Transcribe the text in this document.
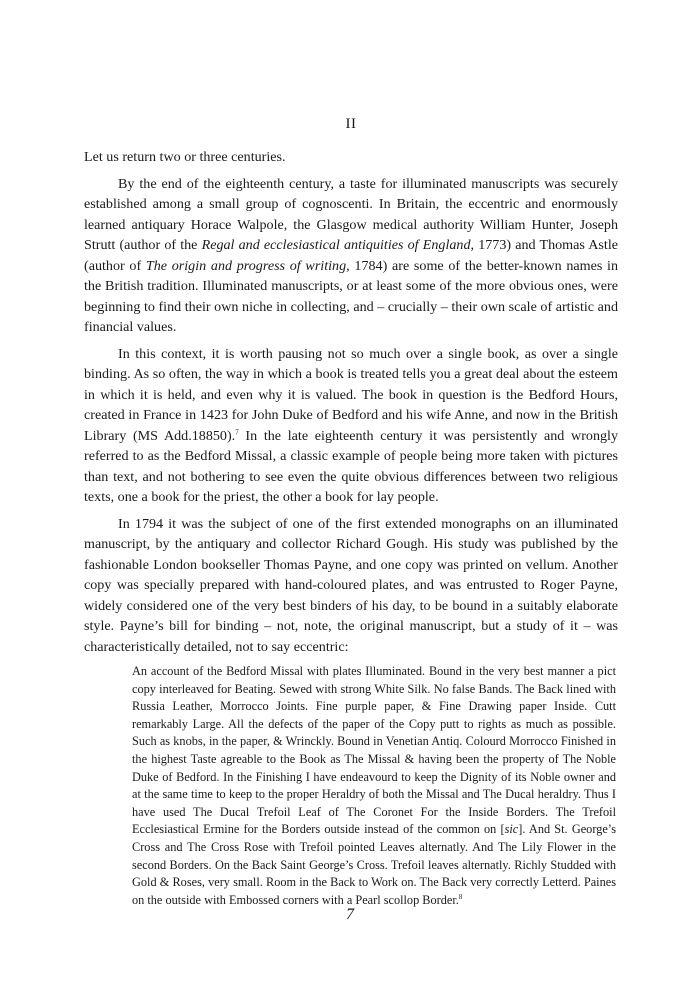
II

Let us return two or three centuries.

By the end of the eighteenth century, a taste for illuminated manuscripts was securely established among a small group of cognoscenti. In Britain, the eccentric and enormously learned antiquary Horace Walpole, the Glasgow medical authority William Hunter, Joseph Strutt (author of the Regal and ecclesiastical antiquities of England, 1773) and Thomas Astle (author of The origin and progress of writing, 1784) are some of the better-known names in the British tradition. Illuminated manuscripts, or at least some of the more obvious ones, were beginning to find their own niche in collecting, and – crucially – their own scale of artistic and financial values.

In this context, it is worth pausing not so much over a single book, as over a single binding. As so often, the way in which a book is treated tells you a great deal about the esteem in which it is held, and even why it is valued. The book in question is the Bedford Hours, created in France in 1423 for John Duke of Bedford and his wife Anne, and now in the British Library (MS Add.18850).$^7$ In the late eighteenth century it was persistently and wrongly referred to as the Bedford Missal, a classic example of people being more taken with pictures than text, and not bothering to see even the quite obvious differences between two religious texts, one a book for the priest, the other a book for lay people.

In 1794 it was the subject of one of the first extended monographs on an illuminated manuscript, by the antiquary and collector Richard Gough. His study was published by the fashionable London bookseller Thomas Payne, and one copy was printed on vellum. Another copy was specially prepared with hand-coloured plates, and was entrusted to Roger Payne, widely considered one of the very best binders of his day, to be bound in a suitably elaborate style. Payne’s bill for binding – not, note, the original manuscript, but a study of it – was characteristically detailed, not to say eccentric:

An account of the Bedford Missal with plates Illuminated. Bound in the very best manner a pict copy interleaved for Beating. Sewed with strong White Silk. No false Bands. The Back lined with Russia Leather, Morrocco Joints. Fine purple paper, & Fine Drawing paper Inside. Cutt remarkably Large. All the defects of the paper of the Copy putt to rights as much as possible. Such as knobs, in the paper, & Wrinckly. Bound in Venetian Antiq. Colourd Morrocco Finished in the highest Taste agreable to the Book as The Missal & having been the property of The Noble Duke of Bedford. In the Finishing I have endeavourd to keep the Dignity of its Noble owner and at the same time to keep to the proper Heraldry of both the Missal and The Ducal heraldry. Thus I have used The Ducal Trefoil Leaf of The Coronet For the Inside Borders. The Trefoil Ecclesiastical Ermine for the Borders outside instead of the common on [sic]. And St. George’s Cross and The Cross Rose with Trefoil pointed Leaves alternatly. And The Lily Flower in the second Borders. On the Back Saint George’s Cross. Trefoil leaves alternatly. Richly Studded with Gold & Roses, very small. Room in the Back to Work on. The Back very correctly Letterd. Paines on the outside with Embossed corners with a Pearl scollop Border.$^8$
7
